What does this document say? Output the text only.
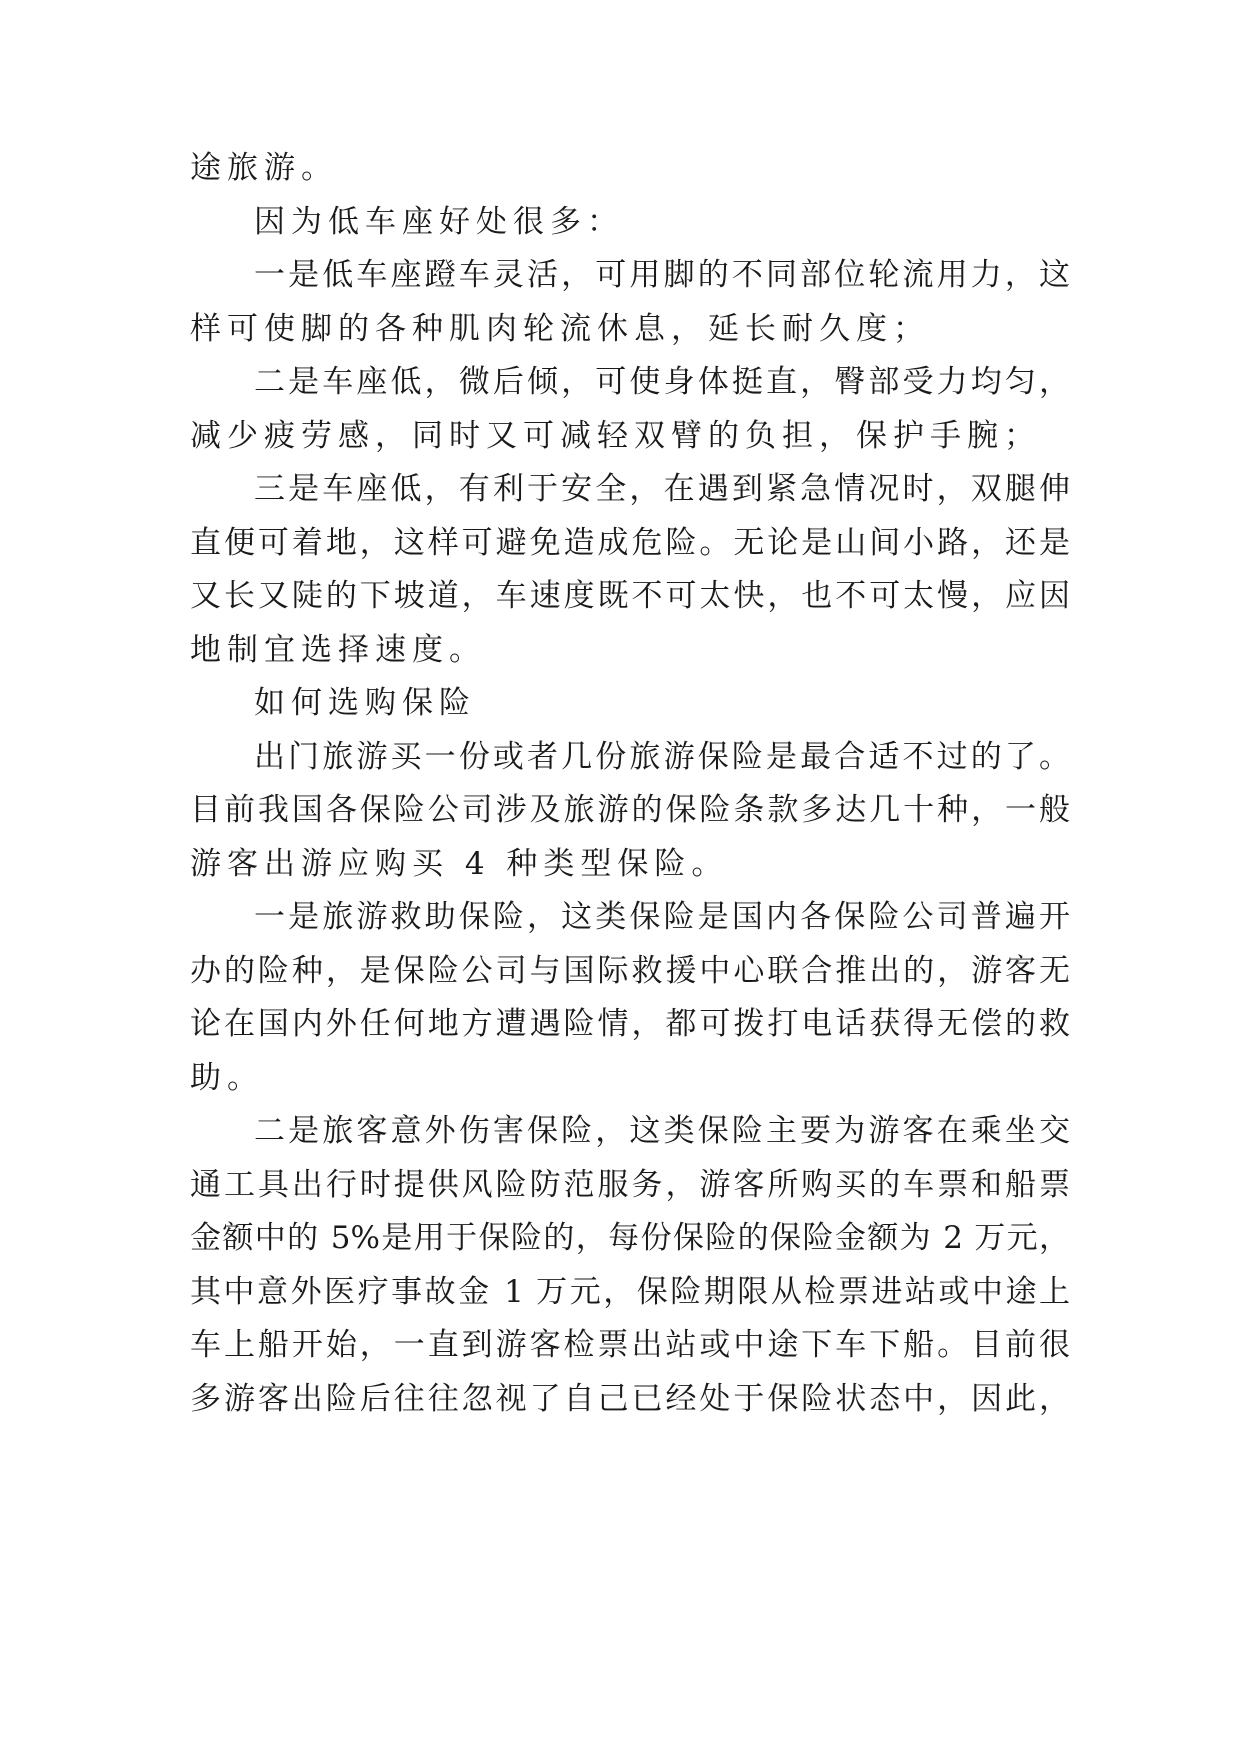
途旅游。

因为低车座好处很多：

一是低车座蹬车灵活，可用脚的不同部位轮流用力，这

样可使脚的各种肌肉轮流休息，延长耐久度；

二是车座低，微后倾，可使身体挺直，臀部受力均匀，

减少疲劳感，同时又可减轻双臂的负担，保护手腕；

三是车座低，有利于安全，在遇到紧急情况时，双腿伸

直便可着地，这样可避免造成危险。无论是山间小路，还是

又长又陡的下坡道，车速度既不可太快，也不可太慢，应因

地制宜选择速度。

如何选购保险

出门旅游买一份或者几份旅游保险是最合适不过的了。

目前我国各保险公司涉及旅游的保险条款多达几十种，一般

游客出游应购买 4 种类型保险。

一是旅游救助保险，这类保险是国内各保险公司普遍开

办的险种，是保险公司与国际救援中心联合推出的，游客无

论在国内外任何地方遭遇险情，都可拨打电话获得无偿的救

助。

二是旅客意外伤害保险，这类保险主要为游客在乘坐交

通工具出行时提供风险防范服务，游客所购买的车票和船票

金额中的 5%是用于保险的，每份保险的保险金额为 2 万元，

其中意外医疗事故金 1 万元，保险期限从检票进站或中途上

车上船开始，一直到游客检票出站或中途下车下船。目前很

多游客出险后往往忽视了自己已经处于保险状态中，因此，
